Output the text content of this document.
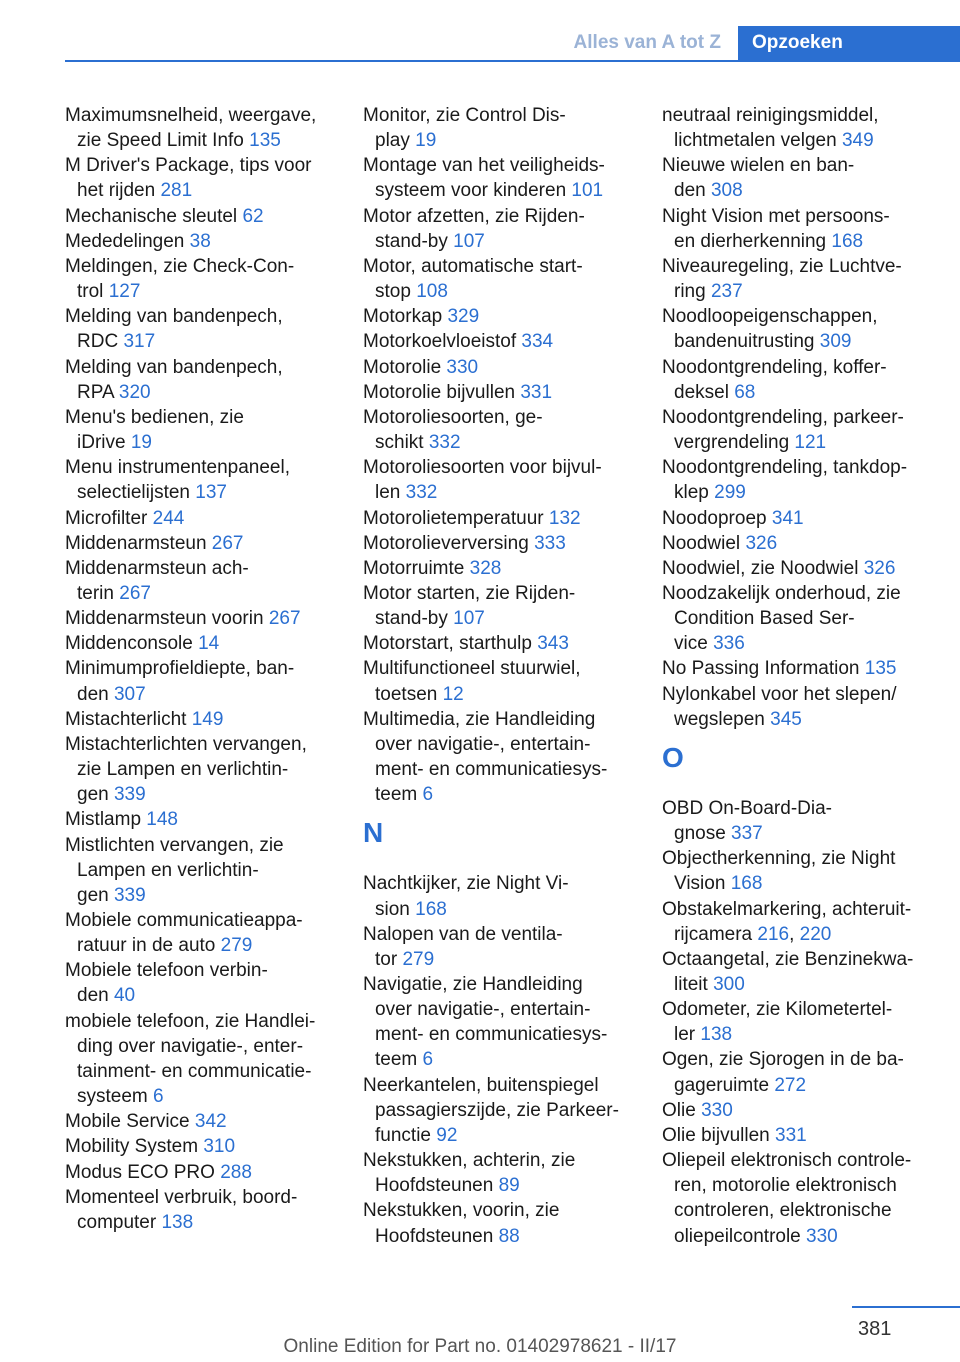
Alles van A tot Z	Opzoeken
Maximumsnelheid, weergave,
zie Speed Limit Info 135
M Driver's Package, tips voor
het rijden 281
Mechanische sleutel 62
Mededelingen 38
Meldingen, zie Check-Con-
trol 127
Melding van bandenpech,
RDC 317
Melding van bandenpech,
RPA 320
Menu's bedienen, zie
iDrive 19
Menu instrumentenpaneel,
selectielijsten 137
Microfilter 244
Middenarmsteun 267
Middenarmsteun ach-
terin 267
Middenarmsteun voorin 267
Middenconsole 14
Minimumprofieldiepte, ban-
den 307
Mistachterlicht 149
Mistachterlichten vervangen,
zie Lampen en verlichtin-
gen 339
Mistlamp 148
Mistlichten vervangen, zie
Lampen en verlichtin-
gen 339
Mobiele communicatieappa-
ratuur in de auto 279
Mobiele telefoon verbin-
den 40
mobiele telefoon, zie Handlei-
ding over navigatie-, enter-
tainment- en communicatie-
systeem 6
Mobile Service 342
Mobility System 310
Modus ECO PRO 288
Momenteel verbruik, boord-
computer 138
Monitor, zie Control Dis-
play 19
Montage van het veiligheids-
systeem voor kinderen 101
Motor afzetten, zie Rijden-
stand-by 107
Motor, automatische start-
stop 108
Motorkap 329
Motorkoelvloeistof 334
Motorolie 330
Motorolie bijvullen 331
Motoroliesoorten, ge-
schikt 332
Motoroliesoorten voor bijvul-
len 332
Motorolietemperatuur 132
Motorolieverversing 333
Motorruimte 328
Motor starten, zie Rijden-
stand-by 107
Motorstart, starthulp 343
Multifunctioneel stuurwiel,
toetsen 12
Multimedia, zie Handleiding
over navigatie-, entertain-
ment- en communicatiesys-
teem 6
N
Nachtkijker, zie Night Vi-
sion 168
Nalopen van de ventila-
tor 279
Navigatie, zie Handleiding
over navigatie-, entertain-
ment- en communicatiesys-
teem 6
Neerkantelen, buitenspiegel
passagierszijde, zie Parkeer-
functie 92
Nekstukken, achterin, zie
Hoofdsteunen 89
Nekstukken, voorin, zie
Hoofdsteunen 88
neutraal reinigingsmiddel,
lichtmetalen velgen 349
Nieuwe wielen en ban-
den 308
Night Vision met persoons-
en dierherkenning 168
Niveauregeling, zie Luchtve-
ring 237
Noodloopeigenschappen,
bandenuitrusting 309
Noodontgrendeling, koffer-
deksel 68
Noodontgrendeling, parkeer-
vergrendeling 121
Noodontgrendeling, tankdop-
klep 299
Noodoproep 341
Noodwiel 326
Noodwiel, zie Noodwiel 326
Noodzakelijk onderhoud, zie
Condition Based Ser-
vice 336
No Passing Information 135
Nylonkabel voor het slepen/
wegslepen 345
O
OBD On-Board-Dia-
gnose 337
Objectherkenning, zie Night
Vision 168
Obstakelmarkering, achteruit-
rijcamera 216, 220
Octaangetal, zie Benzinekwa-
liteit 300
Odometer, zie Kilometertel-
ler 138
Ogen, zie Sjorogen in de ba-
gageruimte 272
Olie 330
Olie bijvullen 331
Oliepeil elektronisch controle-
ren, motorolie elektronisch
controleren, elektronische
oliepeilcontrole 330
381
Online Edition for Part no. 01402978621 - II/17
